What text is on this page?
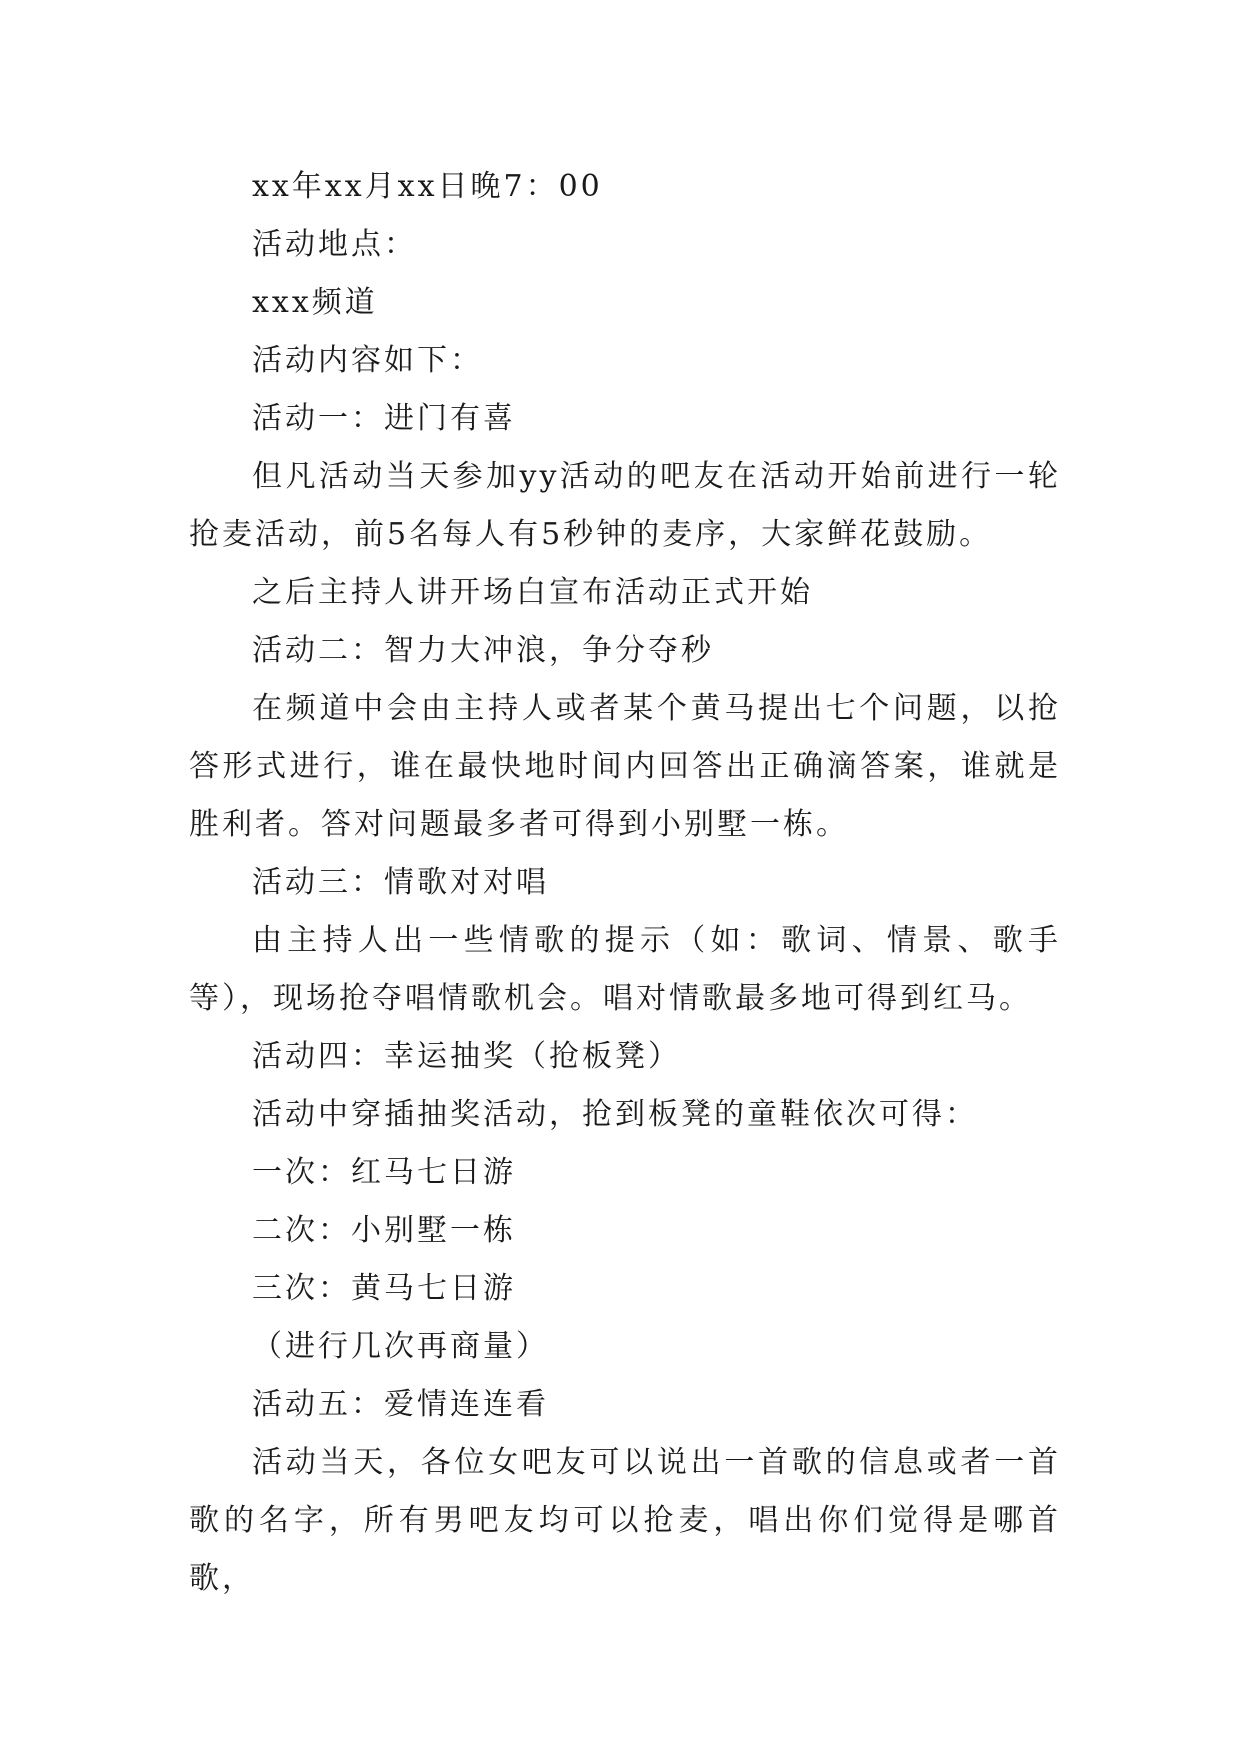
xx年xx月xx日晚7：00

活动地点：

xxx频道

活动内容如下：

活动一：进门有喜

但凡活动当天参加yy活动的吧友在活动开始前进行一轮抢麦活动，前5名每人有5秒钟的麦序，大家鲜花鼓励。

之后主持人讲开场白宣布活动正式开始

活动二：智力大冲浪，争分夺秒

在频道中会由主持人或者某个黄马提出七个问题，以抢答形式进行，谁在最快地时间内回答出正确滴答案，谁就是胜利者。答对问题最多者可得到小别墅一栋。

活动三：情歌对对唱

由主持人出一些情歌的提示（如：歌词、情景、歌手等），现场抢夺唱情歌机会。唱对情歌最多地可得到红马。

活动四：幸运抽奖（抢板凳）

活动中穿插抽奖活动，抢到板凳的童鞋依次可得：

一次：红马七日游

二次：小别墅一栋

三次：黄马七日游

（进行几次再商量）

活动五：爱情连连看

活动当天，各位女吧友可以说出一首歌的信息或者一首歌的名字，所有男吧友均可以抢麦，唱出你们觉得是哪首歌，
